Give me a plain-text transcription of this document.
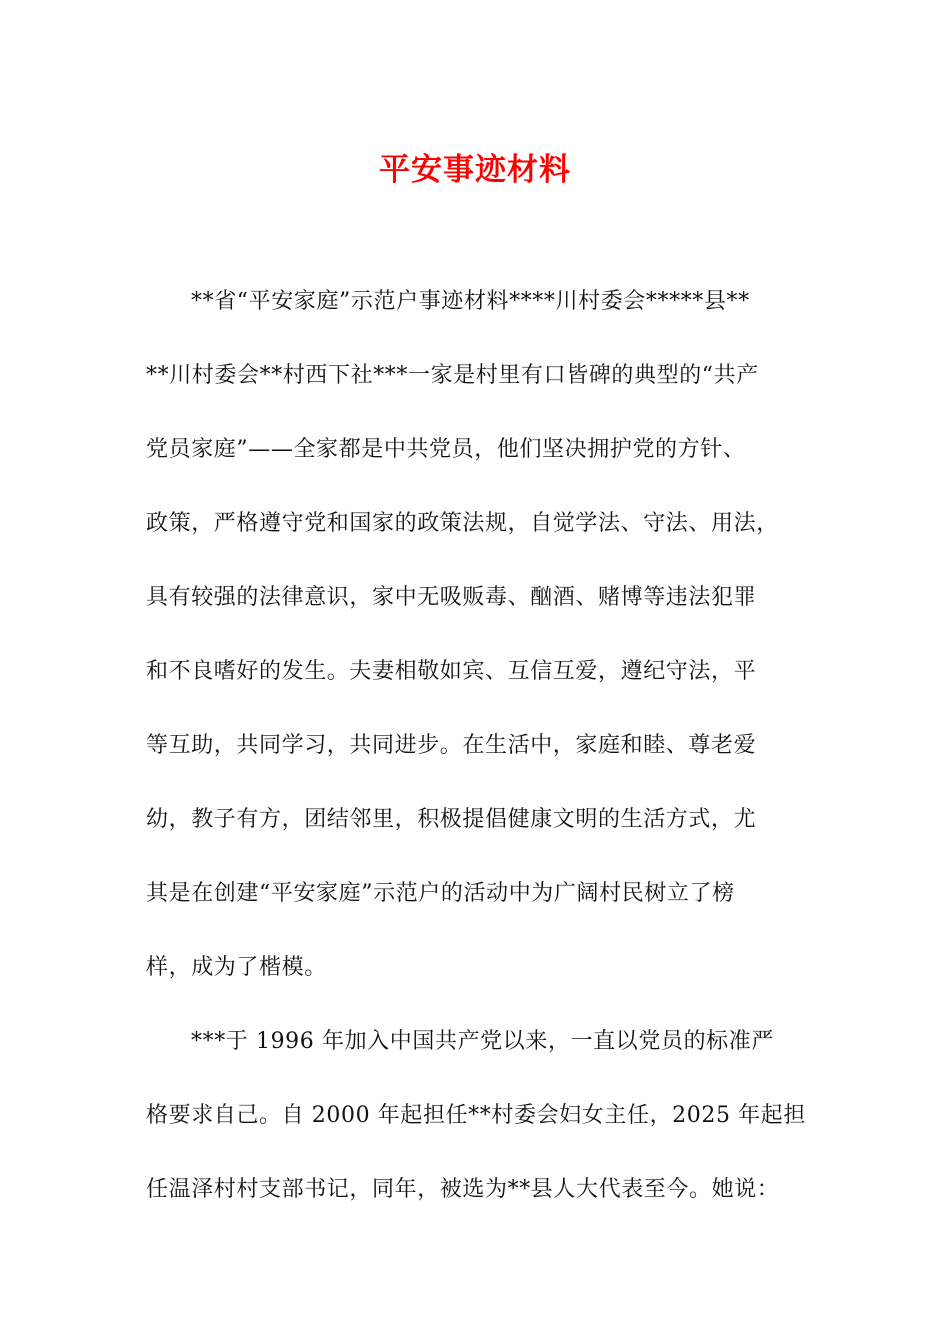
平安事迹材料
**省“平安家庭”示范户事迹材料****川村委会*****县**
**川村委会**村西下社***一家是村里有口皆碑的典型的“共产
党员家庭”——全家都是中共党员，他们坚决拥护党的方针、
政策，严格遵守党和国家的政策法规，自觉学法、守法、用法，
具有较强的法律意识，家中无吸贩毒、酗酒、赌博等违法犯罪
和不良嗜好的发生。夫妻相敬如宾、互信互爱，遵纪守法，平
等互助，共同学习，共同进步。在生活中，家庭和睦、尊老爱
幼，教子有方，团结邻里，积极提倡健康文明的生活方式，尤
其是在创建“平安家庭”示范户的活动中为广阔村民树立了榜
样，成为了楷模。
***于 1996 年加入中国共产党以来，一直以党员的标准严
格要求自己。自 2000 年起担任**村委会妇女主任，2025 年起担
任温泽村村支部书记，同年，被选为**县人大代表至今。她说：
